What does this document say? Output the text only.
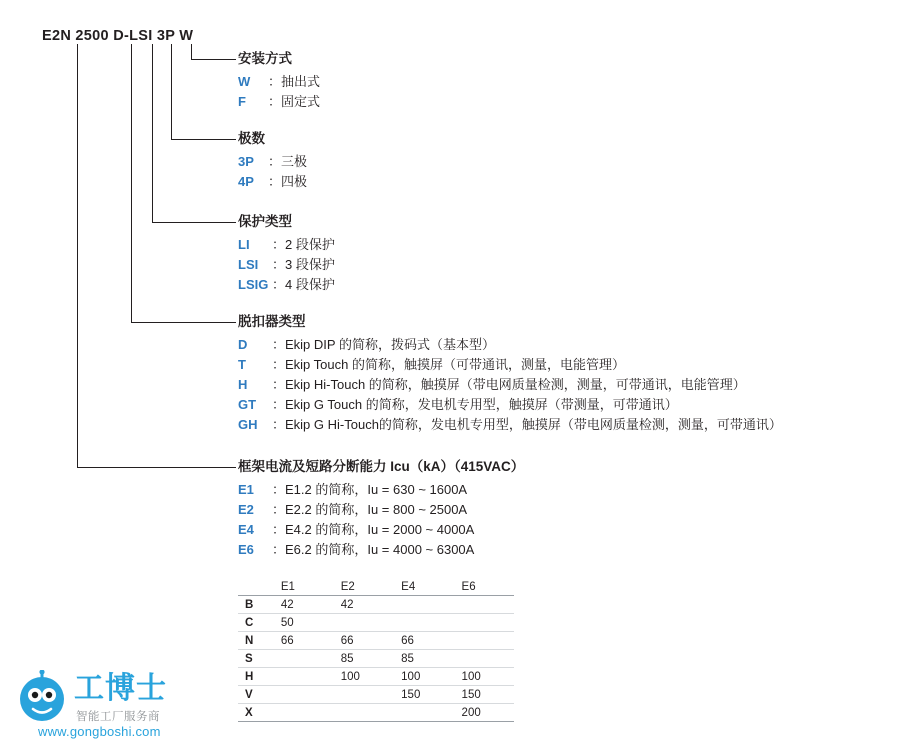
E2N 2500 D-LSI 3P W
安装方式
W ：抽出式
F ：固定式
极数
3P ：三极
4P ：四极
保护类型
LI ：2 段保护
LSI ：3 段保护
LSIG ：4 段保护
脱扣器类型
D ：Ekip DIP 的简称，拨码式（基本型）
T ：Ekip Touch 的简称，触摸屏（可带通讯，测量，电能管理）
H ：Ekip Hi-Touch 的简称，触摸屏（带电网质量检测，测量，可带通讯，电能管理）
GT ：Ekip G Touch 的简称，发电机专用型，触摸屏（带测量，可带通讯）
GH ：Ekip G Hi-Touch的简称，发电机专用型，触摸屏（带电网质量检测，测量，可带通讯）
框架电流及短路分断能力 Icu（kA）（415VAC）
E1 ：E1.2 的简称，Iu = 630 ~ 1600A
E2 ：E2.2 的简称，Iu = 800 ~ 2500A
E4 ：E4.2 的简称，Iu = 2000 ~ 4000A
E6 ：E6.2 的简称，Iu = 4000 ~ 6300A
	E1	E2	E4	E6
B	42	42		
C	50			
N	66	66	66	
S		85	85	
H		100	100	100
V			150	150
X				200
工博士
智能工厂服务商
www.gongboshi.com
